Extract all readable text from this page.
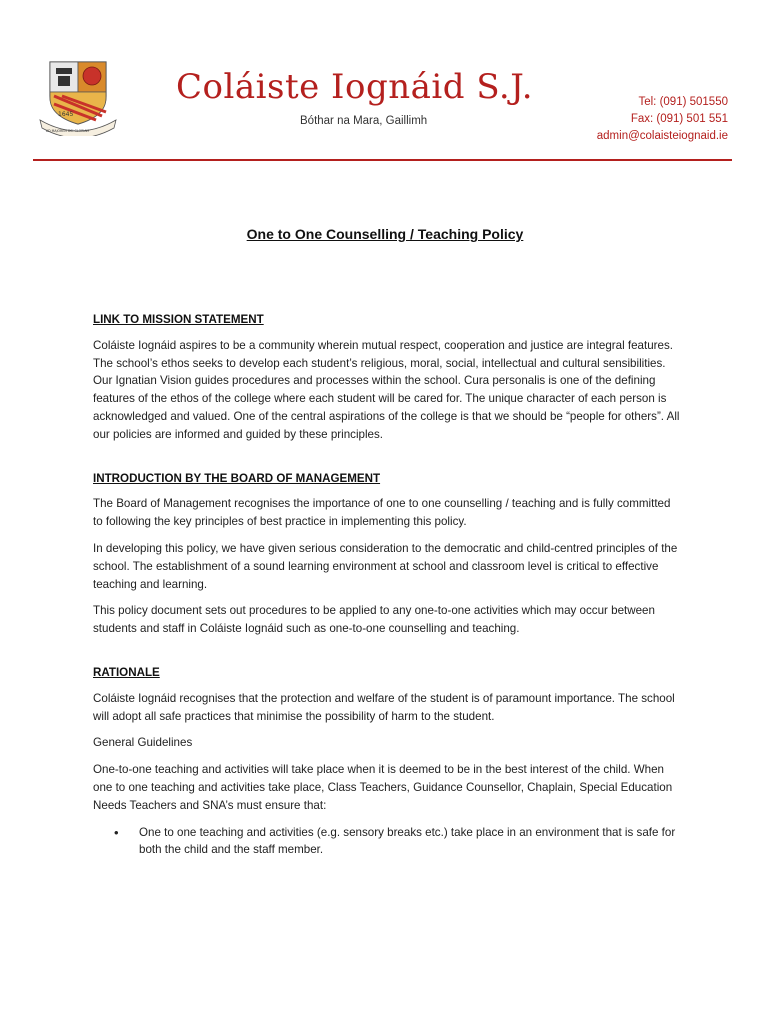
1645
AD MAJOREM DEI GLORIAM
Coláiste Iognáid S.J.
Bóthar na Mara, Gaillimh
Tel: (091) 501550
Fax: (091) 501 551
admin@colaisteiognaid.ie
One to One Counselling / Teaching Policy
LINK TO MISSION STATEMENT

Coláiste Iognáid aspires to be a community wherein mutual respect, cooperation and justice are integral features. The school’s ethos seeks to develop each student’s religious, moral, social, intellectual and cultural sensibilities. Our Ignatian Vision guides procedures and processes within the school. Cura personalis is one of the defining features of the ethos of the college where each student will be cared for. The unique character of each person is acknowledged and valued. One of the central aspirations of the college is that we should be “people for others”. All our policies are informed and guided by these principles.

INTRODUCTION BY THE BOARD OF MANAGEMENT

The Board of Management recognises the importance of one to one counselling / teaching and is fully committed to following the key principles of best practice in implementing this policy.

In developing this policy, we have given serious consideration to the democratic and child-centred principles of the school. The establishment of a sound learning environment at school and classroom level is critical to effective teaching and learning.

This policy document sets out procedures to be applied to any one-to-one activities which may occur between students and staff in Coláiste Iognáid such as one-to-one counselling and teaching.

RATIONALE

Coláiste Iognáid recognises that the protection and welfare of the student is of paramount importance. The school will adopt all safe practices that minimise the possibility of harm to the student.

General Guidelines

One-to-one teaching and activities will take place when it is deemed to be in the best interest of the child. When one to one teaching and activities take place, Class Teachers, Guidance Counsellor, Chaplain, Special Education Needs Teachers and SNA’s must ensure that:

• One to one teaching and activities (e.g. sensory breaks etc.) take place in an environment that is safe for both the child and the staff member.
